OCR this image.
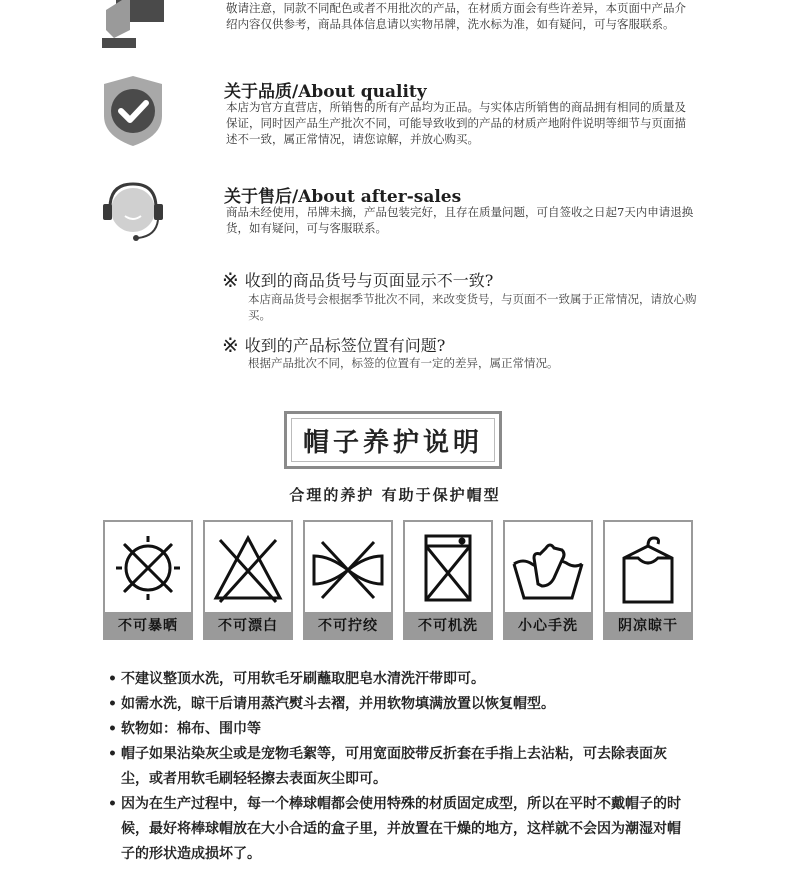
敬请注意，同款不同配色或者不用批次的产品，在材质方面会有些许差异，本页面中产品介绍内容仅供参考，商品具体信息请以实物吊牌，洗水标为准，如有疑问，可与客服联系。
关于品质/About quality
本店为官方直营店，所销售的所有产品均为正品。与实体店所销售的商品拥有相同的质量及保证，同时因产品生产批次不同，可能导致收到的产品的材质产地附件说明等细节与页面描述不一致，属正常情况，请您谅解，并放心购买。
关于售后/About after-sales
商品未经使用，吊牌未摘，产品包装完好，且存在质量问题，可自签收之日起7天内申请退换货，如有疑问，可与客服联系。
※ 收到的商品货号与页面显示不一致?
本店商品货号会根据季节批次不同，来改变货号，与页面不一致属于正常情况，请放心购买。
※ 收到的产品标签位置有问题?
根据产品批次不同，标签的位置有一定的差异，属正常情况。
帽子养护说明
合理的养护 有助于保护帽型
不可暴晒	不可漂白	不可拧绞	不可机洗	小心手洗	阴凉晾干
• 不建议整顶水洗，可用软毛牙刷蘸取肥皂水清洗汗带即可。
• 如需水洗，晾干后请用蒸汽熨斗去褶，并用软物填满放置以恢复帽型。
• 软物如：棉布、围巾等
• 帽子如果沾染灰尘或是宠物毛絮等，可用宽面胶带反折套在手指上去沾粘，可去除表面灰尘，或者用软毛刷轻轻擦去表面灰尘即可。
• 因为在生产过程中，每一个棒球帽都会使用特殊的材质固定成型，所以在平时不戴帽子的时候，最好将棒球帽放在大小合适的盒子里，并放置在干燥的地方，这样就不会因为潮湿对帽子的形状造成损坏了。
